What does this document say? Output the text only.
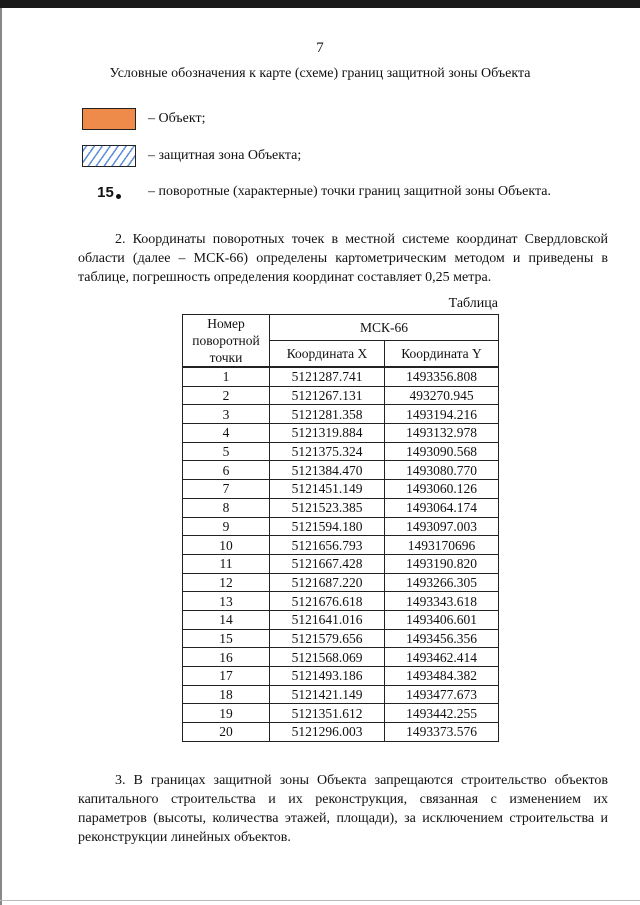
7
Условные обозначения к карте (схеме) границ защитной зоны Объекта
– Объект;
– защитная зона Объекта;
15 – поворотные (характерные) точки границ защитной зоны Объекта.
2. Координаты поворотных точек в местной системе координат Свердловской области (далее – МСК-66) определены картометрическим методом и приведены в таблице, погрешность определения координат составляет 0,25 метра.
Таблица
Номер поворотной точки	МСК-66	
	Координата X	Координата Y
1	5121287.741	1493356.808
2	5121267.131	493270.945
3	5121281.358	1493194.216
4	5121319.884	1493132.978
5	5121375.324	1493090.568
6	5121384.470	1493080.770
7	5121451.149	1493060.126
8	5121523.385	1493064.174
9	5121594.180	1493097.003
10	5121656.793	1493170696
11	5121667.428	1493190.820
12	5121687.220	1493266.305
13	5121676.618	1493343.618
14	5121641.016	1493406.601
15	5121579.656	1493456.356
16	5121568.069	1493462.414
17	5121493.186	1493484.382
18	5121421.149	1493477.673
19	5121351.612	1493442.255
20	5121296.003	1493373.576
3. В границах защитной зоны Объекта запрещаются строительство объектов капитального строительства и их реконструкция, связанная с изменением их параметров (высоты, количества этажей, площади), за исключением строительства и реконструкции линейных объектов.
